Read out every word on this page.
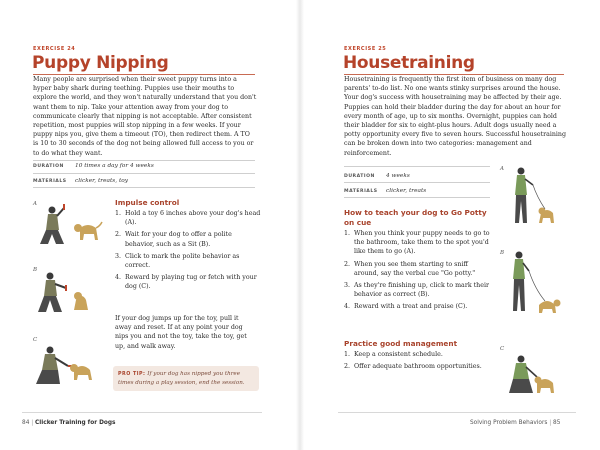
EXERCISE 24
Puppy Nipping

Many people are surprised when their sweet puppy turns into a hyper baby shark during teething. Puppies use their mouths to explore the world, and they won't naturally understand that you don't want them to nip. Take your attention away from your dog to communicate clearly that nipping is not acceptable. After consistent repetition, most puppies will stop nipping in a few weeks. If your puppy nips you, give them a timeout (TO), then redirect them. A TO is 10 to 30 seconds of the dog not being allowed full access to you or to do what they want.

DURATION	10 times a day for 4 weeks
MATERIALS clicker, treats, toy
A
B
C
Impulse control
1. Hold a toy 6 inches above your dog's head (A).
2. Wait for your dog to offer a polite behavior, such as a Sit (B).
3. Click to mark the polite behavior as correct.
4. Reward by playing tug or fetch with your dog (C).

If your dog jumps up for the toy, pull it away and reset. If at any point your dog nips you and not the toy, take the toy, get up, and walk away.

PRO TIP: If your dog has nipped you three times during a play session, end the session.
84 | Clicker Training for Dogs
EXERCISE 25
Housetraining

Housetraining is frequently the first item of business on many dog parents' to-do list. No one wants stinky surprises around the house. Your dog's success with housetraining may be affected by their age. Puppies can hold their bladder during the day for about an hour for every month of age, up to six months. Overnight, puppies can hold their bladder for six to eight-plus hours. Adult dogs usually need a potty opportunity every five to seven hours. Successful housetraining can be broken down into two categories: management and reinforcement.

DURATION	4 weeks
MATERIALS clicker, treats
How to teach your dog to Go Potty on cue
1. When you think your puppy needs to go to the bathroom, take them to the spot you'd like them to go (A).
2. When you see them starting to sniff around, say the verbal cue "Go potty."
3. As they're finishing up, click to mark their behavior as correct (B).
4. Reward with a treat and praise (C).
Practice good management
1. Keep a consistent schedule.
2. Offer adequate bathroom opportunities.
A
B
C
Solving Problem Behaviors | 85
